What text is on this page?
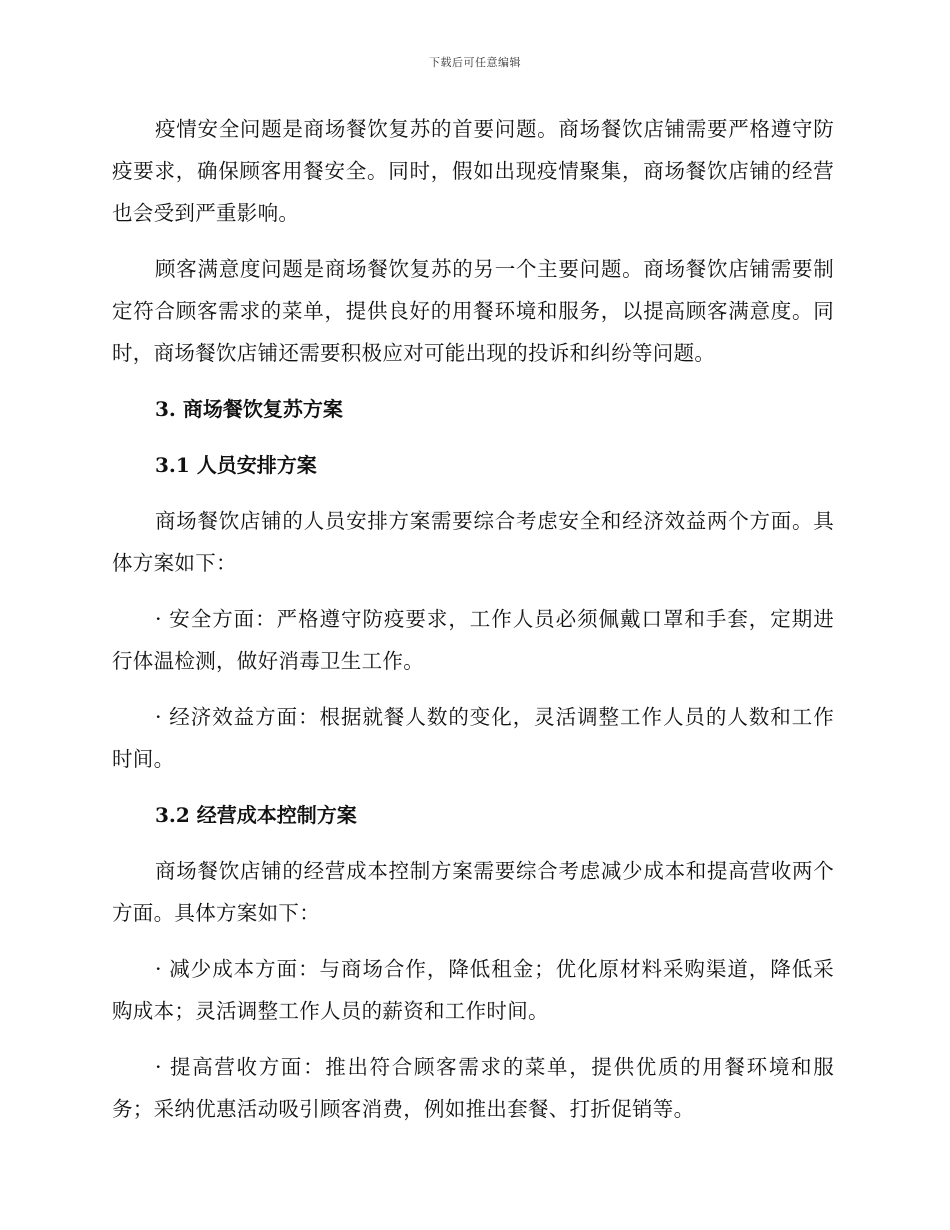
下载后可任意编辑

疫情安全问题是商场餐饮复苏的首要问题。商场餐饮店铺需要严格遵守防疫要求，确保顾客用餐安全。同时，假如出现疫情聚集，商场餐饮店铺的经营也会受到严重影响。

顾客满意度问题是商场餐饮复苏的另一个主要问题。商场餐饮店铺需要制定符合顾客需求的菜单，提供良好的用餐环境和服务，以提高顾客满意度。同时，商场餐饮店铺还需要积极应对可能出现的投诉和纠纷等问题。

3. 商场餐饮复苏方案
3.1 人员安排方案

商场餐饮店铺的人员安排方案需要综合考虑安全和经济效益两个方面。具体方案如下：

· 安全方面：严格遵守防疫要求，工作人员必须佩戴口罩和手套，定期进行体温检测，做好消毒卫生工作。

· 经济效益方面：根据就餐人数的变化，灵活调整工作人员的人数和工作时间。

3.2 经营成本控制方案

商场餐饮店铺的经营成本控制方案需要综合考虑减少成本和提高营收两个方面。具体方案如下：

· 减少成本方面：与商场合作，降低租金；优化原材料采购渠道，降低采购成本；灵活调整工作人员的薪资和工作时间。

· 提高营收方面：推出符合顾客需求的菜单，提供优质的用餐环境和服务；采纳优惠活动吸引顾客消费，例如推出套餐、打折促销等。
